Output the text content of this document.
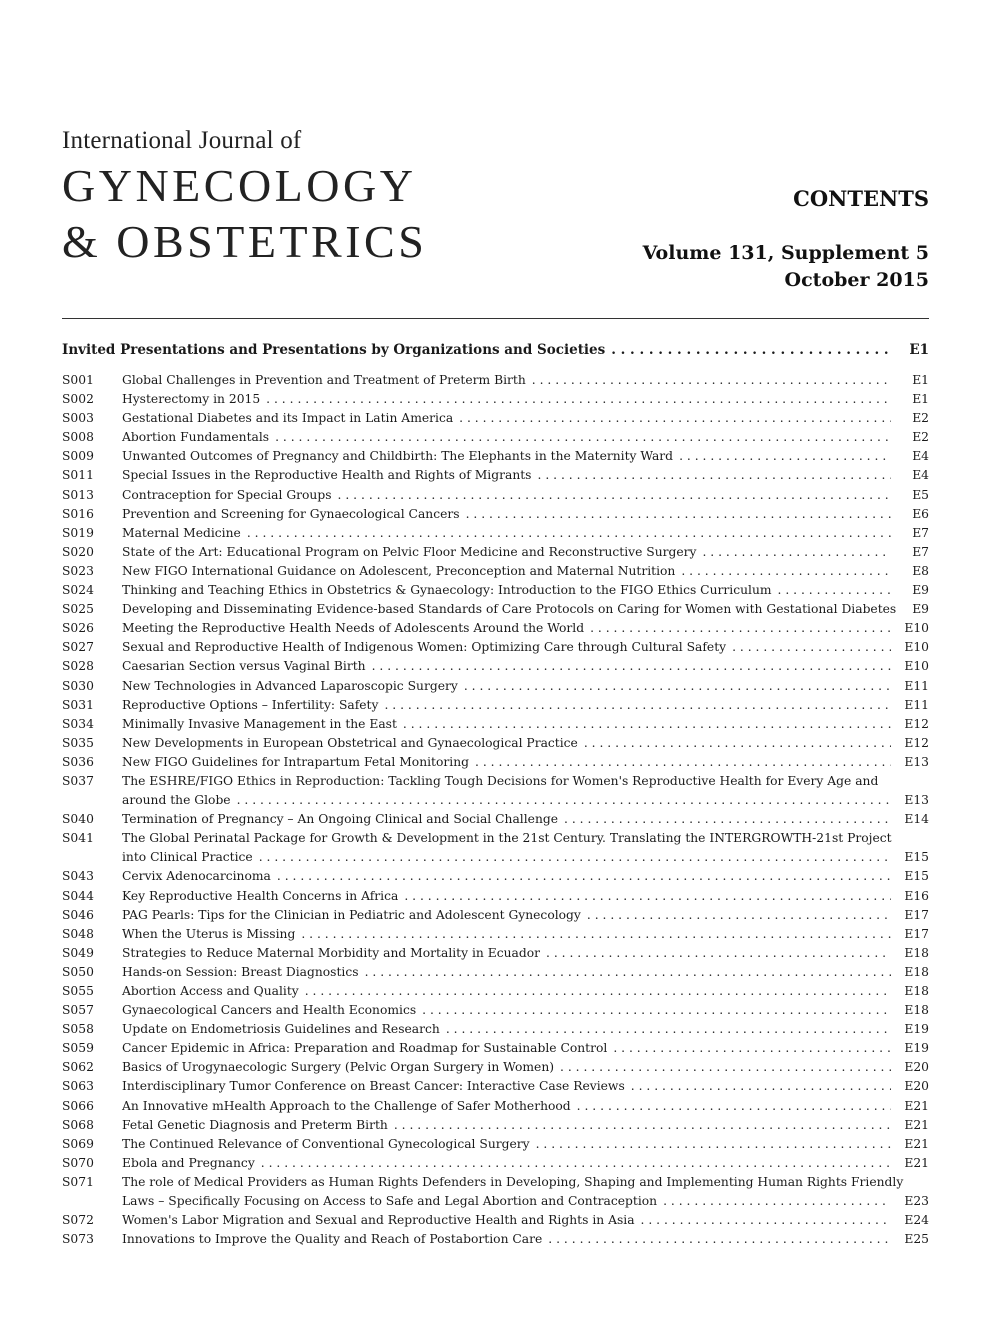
International Journal of
GYNECOLOGY
& OBSTETRICS
CONTENTS
Volume 131, Supplement 5
October 2015
Invited Presentations and Presentations by Organizations and Societies . . .	E1
S001	Global Challenges in Prevention and Treatment of Preterm Birth . . .	E1
S002	Hysterectomy in 2015 . . .	E1
S003	Gestational Diabetes and its Impact in Latin America . . .	E2
S008	Abortion Fundamentals . . .	E2
S009	Unwanted Outcomes of Pregnancy and Childbirth: The Elephants in the Maternity Ward . . .	E4
S011	Special Issues in the Reproductive Health and Rights of Migrants . . .	E4
S013	Contraception for Special Groups . . .	E5
S016	Prevention and Screening for Gynaecological Cancers . . .	E6
S019	Maternal Medicine . . .	E7
S020	State of the Art: Educational Program on Pelvic Floor Medicine and Reconstructive Surgery . . .	E7
S023	New FIGO International Guidance on Adolescent, Preconception and Maternal Nutrition . . .	E8
S024	Thinking and Teaching Ethics in Obstetrics & Gynaecology: Introduction to the FIGO Ethics Curriculum . . .	E9
S025	Developing and Disseminating Evidence-based Standards of Care Protocols on Caring for Women with Gestational Diabetes	E9
S026	Meeting the Reproductive Health Needs of Adolescents Around the World . . .	E10
S027	Sexual and Reproductive Health of Indigenous Women: Optimizing Care through Cultural Safety . . .	E10
S028	Caesarian Section versus Vaginal Birth . . .	E10
S030	New Technologies in Advanced Laparoscopic Surgery . . .	E11
S031	Reproductive Options – Infertility: Safety . . .	E11
S034	Minimally Invasive Management in the East . . .	E12
S035	New Developments in European Obstetrical and Gynaecological Practice . . .	E12
S036	New FIGO Guidelines for Intrapartum Fetal Monitoring . . .	E13
S037	The ESHRE/FIGO Ethics in Reproduction: Tackling Tough Decisions for Women's Reproductive Health for Every Age and
around the Globe . . .	E13
S040	Termination of Pregnancy – An Ongoing Clinical and Social Challenge . . .	E14
S041	The Global Perinatal Package for Growth & Development in the 21st Century. Translating the INTERGROWTH-21st Project
into Clinical Practice . . .	E15
S043	Cervix Adenocarcinoma . . .	E15
S044	Key Reproductive Health Concerns in Africa . . .	E16
S046	PAG Pearls: Tips for the Clinician in Pediatric and Adolescent Gynecology . . .	E17
S048	When the Uterus is Missing . . .	E17
S049	Strategies to Reduce Maternal Morbidity and Mortality in Ecuador . . .	E18
S050	Hands-on Session: Breast Diagnostics . . .	E18
S055	Abortion Access and Quality . . .	E18
S057	Gynaecological Cancers and Health Economics . . .	E18
S058	Update on Endometriosis Guidelines and Research . . .	E19
S059	Cancer Epidemic in Africa: Preparation and Roadmap for Sustainable Control . . .	E19
S062	Basics of Urogynaecologic Surgery (Pelvic Organ Surgery in Women) . . .	E20
S063	Interdisciplinary Tumor Conference on Breast Cancer: Interactive Case Reviews . . .	E20
S066	An Innovative mHealth Approach to the Challenge of Safer Motherhood . . .	E21
S068	Fetal Genetic Diagnosis and Preterm Birth . . .	E21
S069	The Continued Relevance of Conventional Gynecological Surgery . . .	E21
S070	Ebola and Pregnancy . . .	E21
S071	The role of Medical Providers as Human Rights Defenders in Developing, Shaping and Implementing Human Rights Friendly
Laws – Specifically Focusing on Access to Safe and Legal Abortion and Contraception . . .	E23
S072	Women's Labor Migration and Sexual and Reproductive Health and Rights in Asia . . .	E24
S073	Innovations to Improve the Quality and Reach of Postabortion Care . . .	E25
